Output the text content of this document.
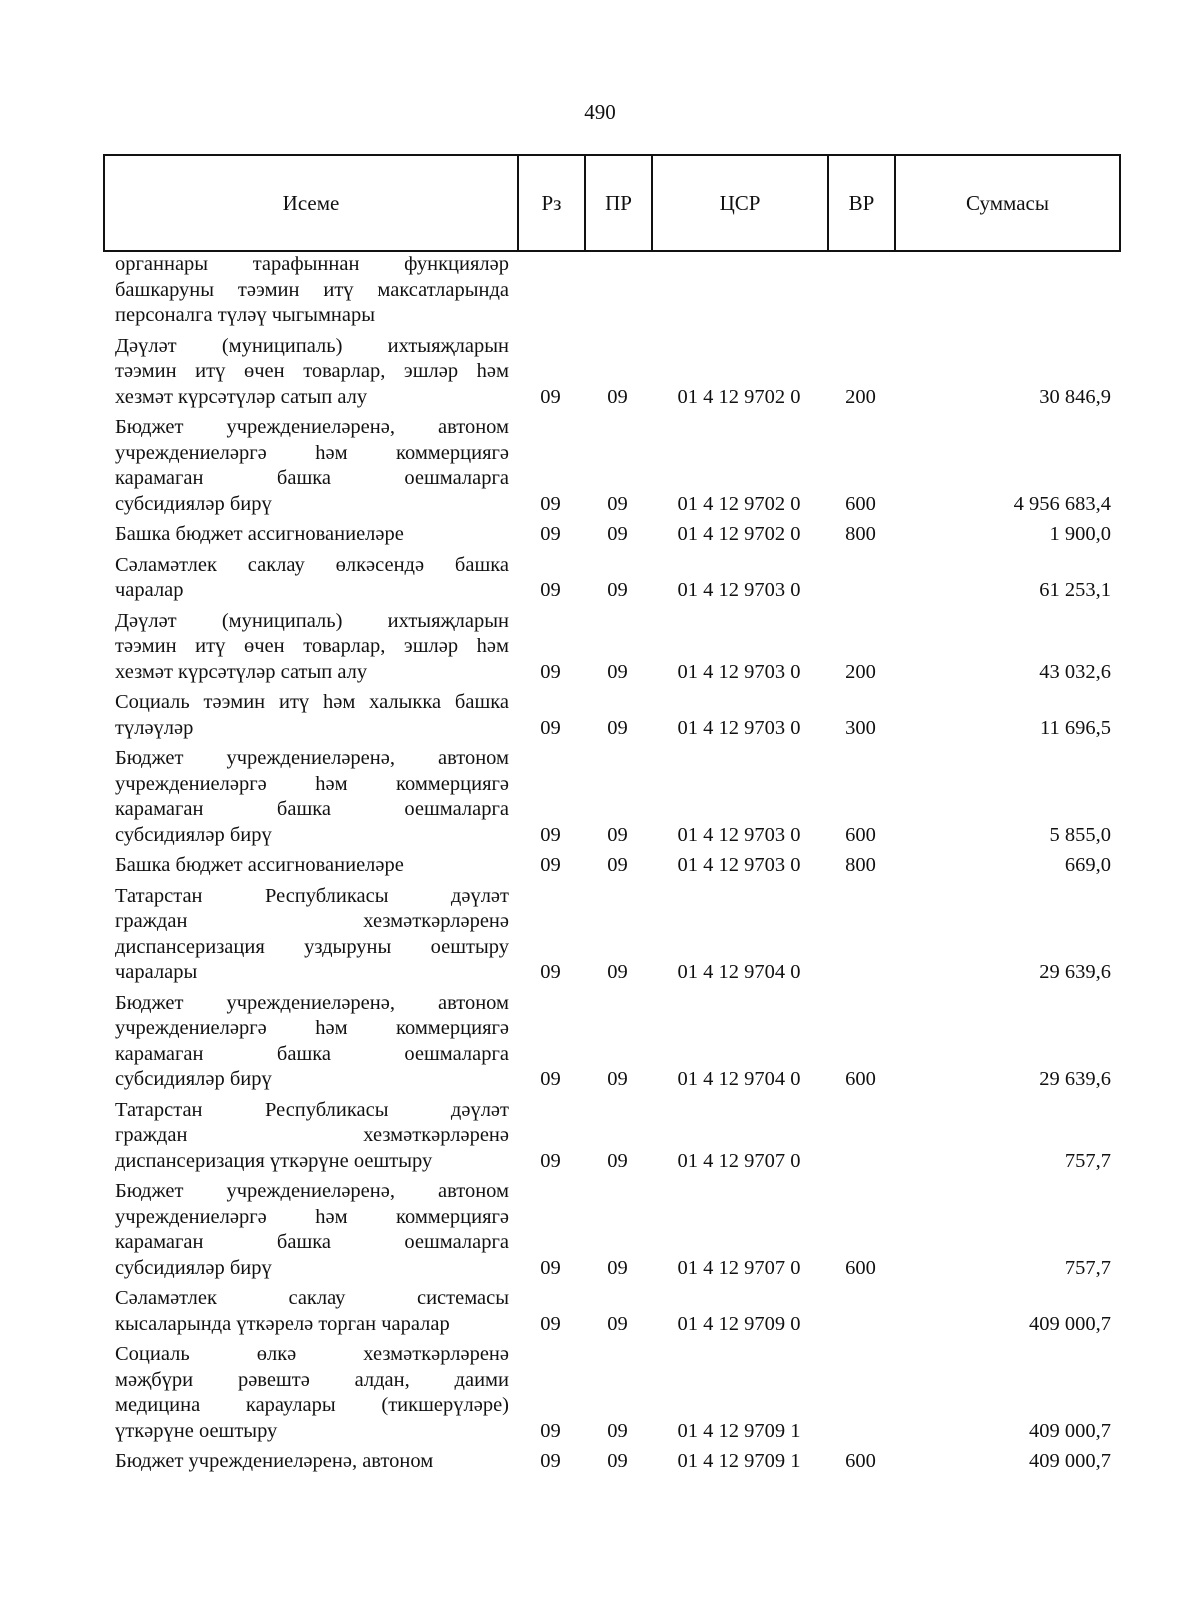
490
Исеме	Рз	ПР	ЦСР	ВР	Суммасы
органнары тарафыннан функцияләр
башкаруны тәэмин итү максатларында
персоналга түләү чыгымнары					

Дәүләт (муниципаль) ихтыяҗларын
тәэмин итү өчен товарлар, эшләр һәм
хезмәт күрсәтүләр сатып алу	09	09	01 4 12 9702 0	200	30 846,9

Бюджет учреждениеләренә, автоном
учреждениеләргә һәм коммерциягә
карамаган башка оешмаларга
субсидияләр бирү	09	09	01 4 12 9702 0	600	4 956 683,4

Башка бюджет ассигнованиеләре	09	09	01 4 12 9702 0	800	1 900,0

Сәламәтлек саклау өлкәсендә башка
чаралар	09	09	01 4 12 9703 0		61 253,1

Дәүләт (муниципаль) ихтыяҗларын
тәэмин итү өчен товарлар, эшләр һәм
хезмәт күрсәтүләр сатып алу	09	09	01 4 12 9703 0	200	43 032,6

Социаль тәэмин итү һәм халыкка башка
түләүләр	09	09	01 4 12 9703 0	300	11 696,5

Бюджет учреждениеләренә, автоном
учреждениеләргә һәм коммерциягә
карамаган башка оешмаларга
субсидияләр бирү	09	09	01 4 12 9703 0	600	5 855,0

Башка бюджет ассигнованиеләре	09	09	01 4 12 9703 0	800	669,0

Татарстан Республикасы дәүләт
граждан хезмәткәрләренә
диспансеризация уздыруны оештыру
чаралары	09	09	01 4 12 9704 0		29 639,6

Бюджет учреждениеләренә, автоном
учреждениеләргә һәм коммерциягә
карамаган башка оешмаларга
субсидияләр бирү	09	09	01 4 12 9704 0	600	29 639,6

Татарстан Республикасы дәүләт
граждан хезмәткәрләренә
диспансеризация үткәрүне оештыру	09	09	01 4 12 9707 0		757,7

Бюджет учреждениеләренә, автоном
учреждениеләргә һәм коммерциягә
карамаган башка оешмаларга
субсидияләр бирү	09	09	01 4 12 9707 0	600	757,7

Сәламәтлек саклау системасы
кысаларында үткәрелә торган чаралар	09	09	01 4 12 9709 0		409 000,7

Социаль өлкә хезмәткәрләренә
мәҗбүри рәвештә алдан, даими
медицина караулары (тикшерүләре)
үткәрүне оештыру	09	09	01 4 12 9709 1		409 000,7

Бюджет учреждениеләренә, автоном	09	09	01 4 12 9709 1	600	409 000,7
